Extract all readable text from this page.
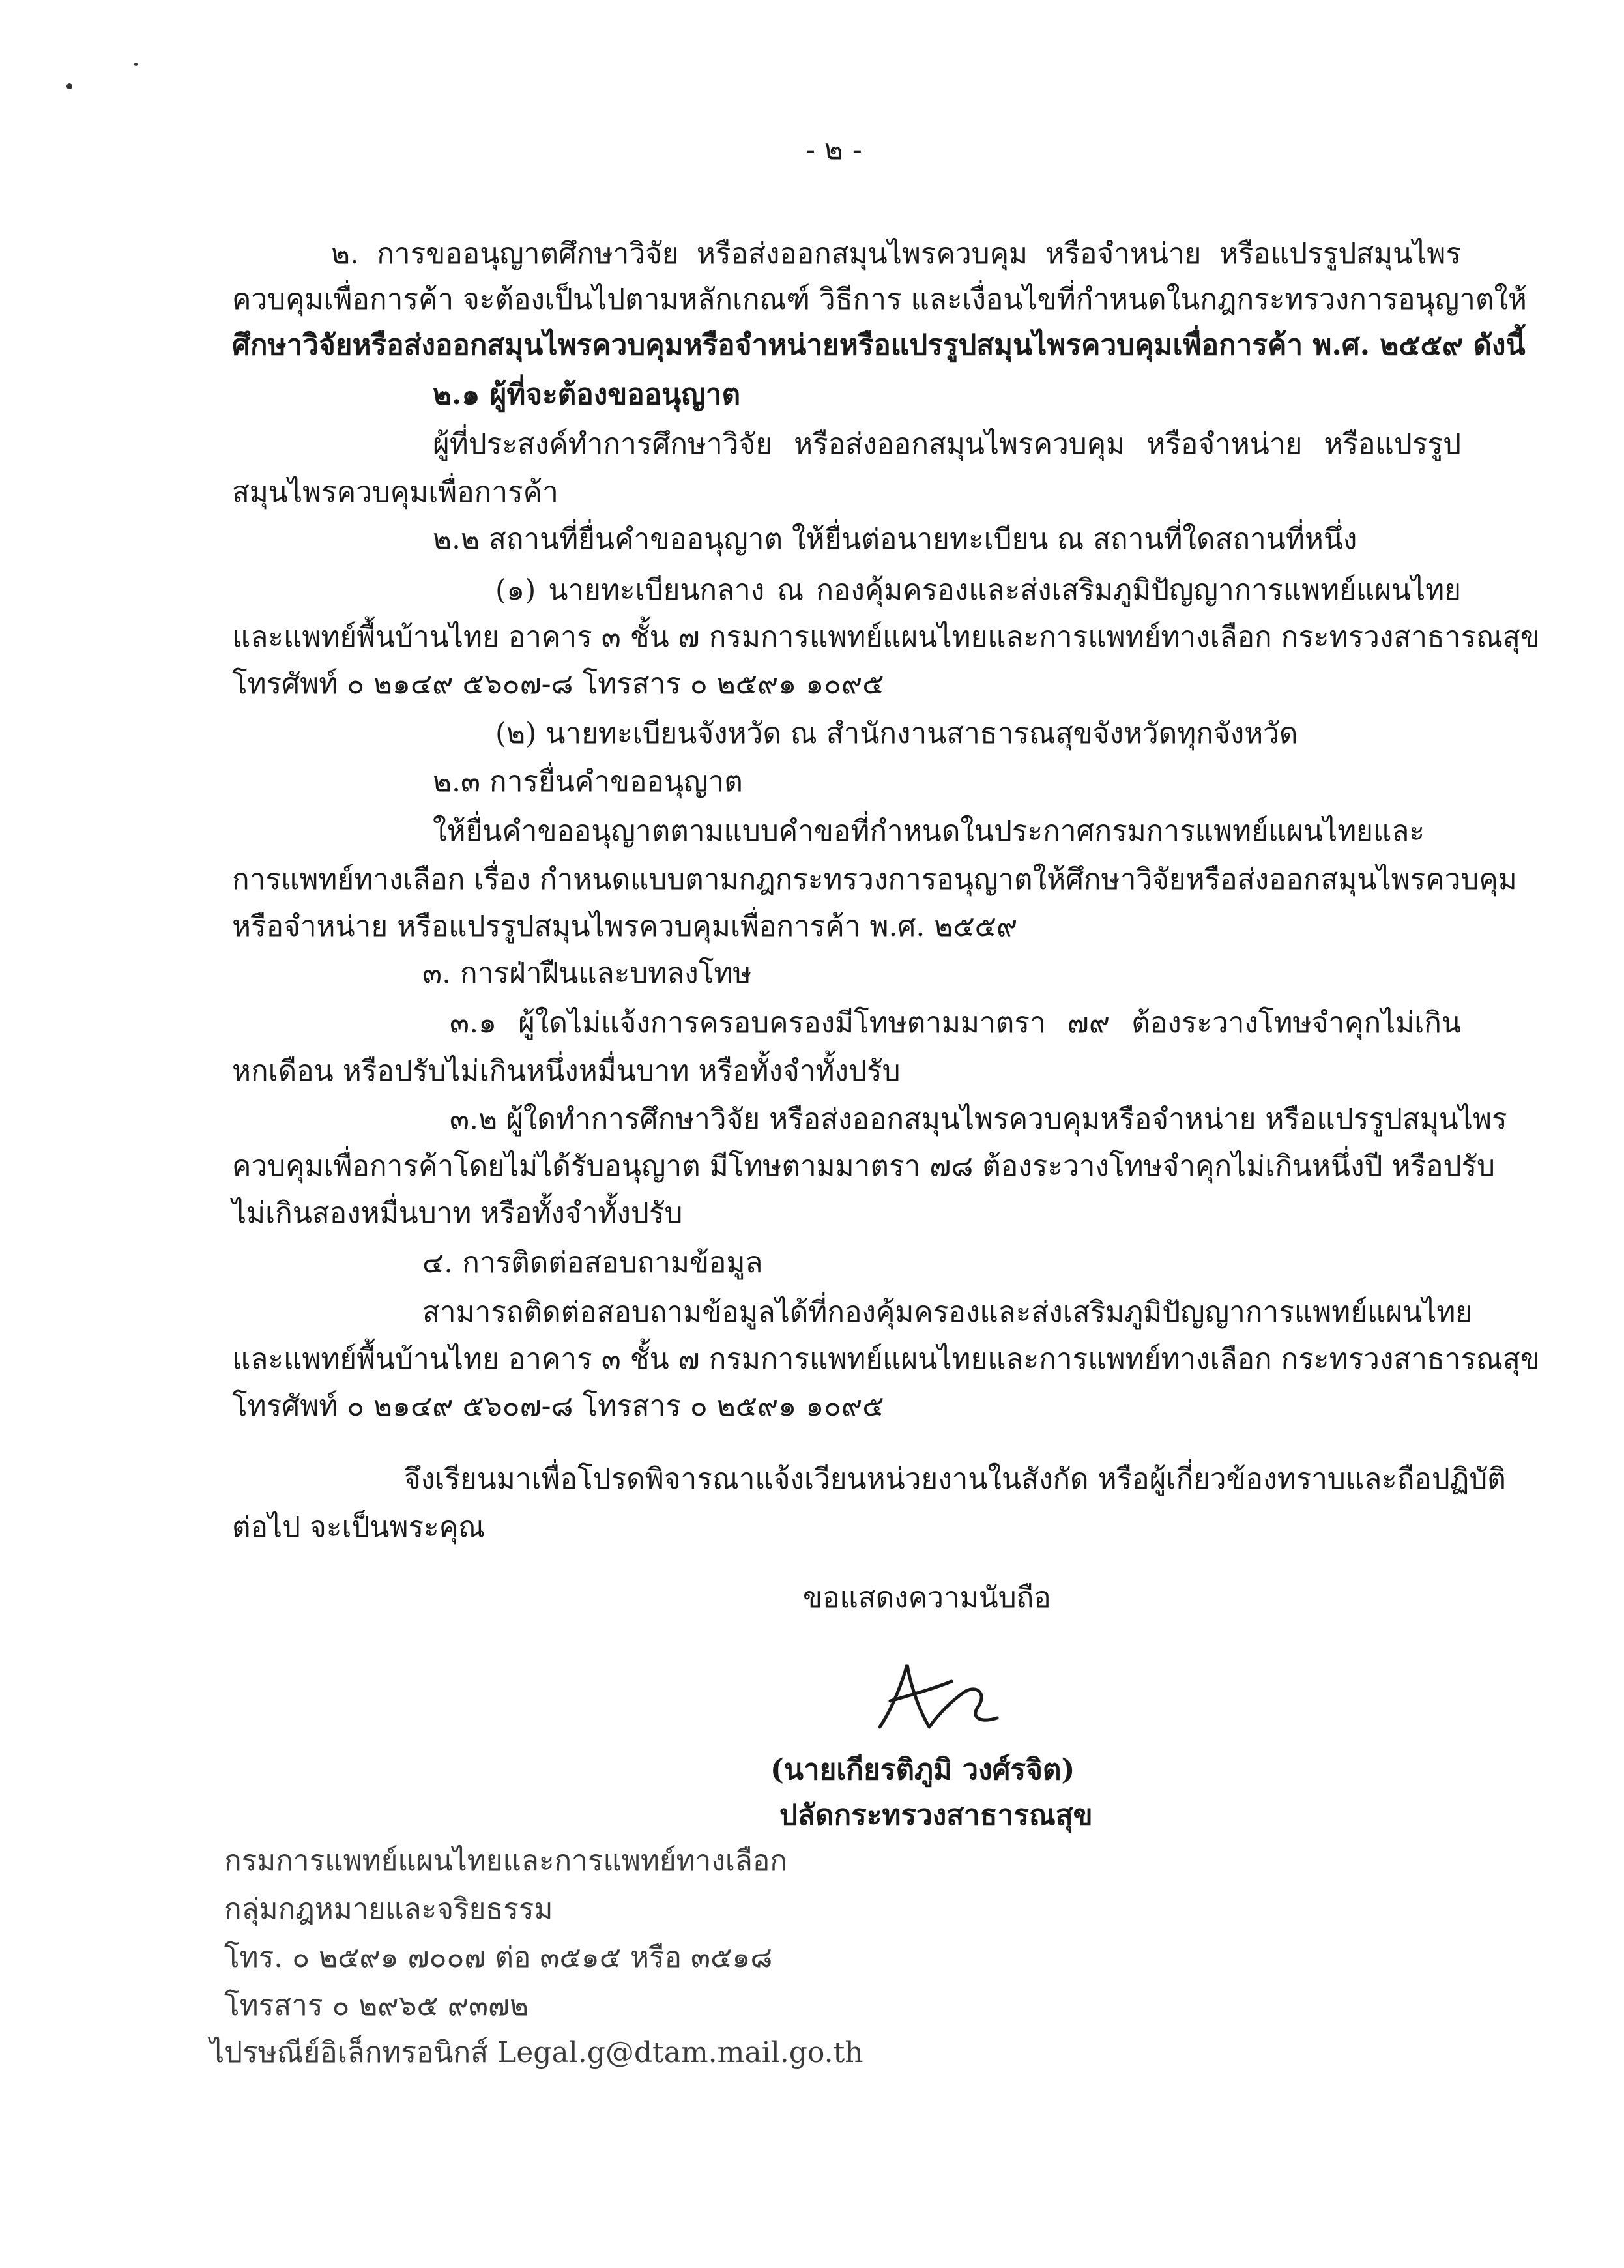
- ๒ -

๒. การขออนุญาตศึกษาวิจัย หรือส่งออกสมุนไพรควบคุม หรือจำหน่าย หรือแปรรูปสมุนไพร

ควบคุมเพื่อการค้า จะต้องเป็นไปตามหลักเกณฑ์ วิธีการ และเงื่อนไขที่กำหนดในกฎกระทรวงการอนุญาตให้

ศึกษาวิจัยหรือส่งออกสมุนไพรควบคุมหรือจำหน่ายหรือแปรรูปสมุนไพรควบคุมเพื่อการค้า พ.ศ. ๒๕๕๙ ดังนี้

๒.๑ ผู้ที่จะต้องขออนุญาต

ผู้ที่ประสงค์ทำการศึกษาวิจัย หรือส่งออกสมุนไพรควบคุม หรือจำหน่าย หรือแปรรูป

สมุนไพรควบคุมเพื่อการค้า

๒.๒ สถานที่ยื่นคำขออนุญาต ให้ยื่นต่อนายทะเบียน ณ สถานที่ใดสถานที่หนึ่ง

(๑) นายทะเบียนกลาง ณ กองคุ้มครองและส่งเสริมภูมิปัญญาการแพทย์แผนไทย

และแพทย์พื้นบ้านไทย อาคาร ๓ ชั้น ๗ กรมการแพทย์แผนไทยและการแพทย์ทางเลือก กระทรวงสาธารณสุข

โทรศัพท์ ๐ ๒๑๔๙ ๕๖๐๗-๘ โทรสาร ๐ ๒๕๙๑ ๑๐๙๕

(๒) นายทะเบียนจังหวัด ณ สำนักงานสาธารณสุขจังหวัดทุกจังหวัด

๒.๓ การยื่นคำขออนุญาต

ให้ยื่นคำขออนุญาตตามแบบคำขอที่กำหนดในประกาศกรมการแพทย์แผนไทยและ

การแพทย์ทางเลือก เรื่อง กำหนดแบบตามกฎกระทรวงการอนุญาตให้ศึกษาวิจัยหรือส่งออกสมุนไพรควบคุม

หรือจำหน่าย หรือแปรรูปสมุนไพรควบคุมเพื่อการค้า พ.ศ. ๒๕๕๙

๓. การฝ่าฝืนและบทลงโทษ

๓.๑ ผู้ใดไม่แจ้งการครอบครองมีโทษตามมาตรา ๗๙ ต้องระวางโทษจำคุกไม่เกิน

หกเดือน หรือปรับไม่เกินหนึ่งหมื่นบาท หรือทั้งจำทั้งปรับ

๓.๒ ผู้ใดทำการศึกษาวิจัย หรือส่งออกสมุนไพรควบคุมหรือจำหน่าย หรือแปรรูปสมุนไพร

ควบคุมเพื่อการค้าโดยไม่ได้รับอนุญาต มีโทษตามมาตรา ๗๘ ต้องระวางโทษจำคุกไม่เกินหนึ่งปี หรือปรับ

ไม่เกินสองหมื่นบาท หรือทั้งจำทั้งปรับ

๔. การติดต่อสอบถามข้อมูล

สามารถติดต่อสอบถามข้อมูลได้ที่กองคุ้มครองและส่งเสริมภูมิปัญญาการแพทย์แผนไทย

และแพทย์พื้นบ้านไทย อาคาร ๓ ชั้น ๗ กรมการแพทย์แผนไทยและการแพทย์ทางเลือก กระทรวงสาธารณสุข

โทรศัพท์ ๐ ๒๑๔๙ ๕๖๐๗-๘ โทรสาร ๐ ๒๕๙๑ ๑๐๙๕

จึงเรียนมาเพื่อโปรดพิจารณาแจ้งเวียนหน่วยงานในสังกัด หรือผู้เกี่ยวข้องทราบและถือปฏิบัติ

ต่อไป จะเป็นพระคุณ

ขอแสดงความนับถือ

(นายเกียรติภูมิ วงศ์รจิต)

ปลัดกระทรวงสาธารณสุข

กรมการแพทย์แผนไทยและการแพทย์ทางเลือก

กลุ่มกฎหมายและจริยธรรม

โทร. ๐ ๒๕๙๑ ๗๐๐๗ ต่อ ๓๕๑๕ หรือ ๓๕๑๘

โทรสาร ๐ ๒๙๖๕ ๙๓๗๒

ไปรษณีย์อิเล็กทรอนิกส์ Legal.g@dtam.mail.go.th
